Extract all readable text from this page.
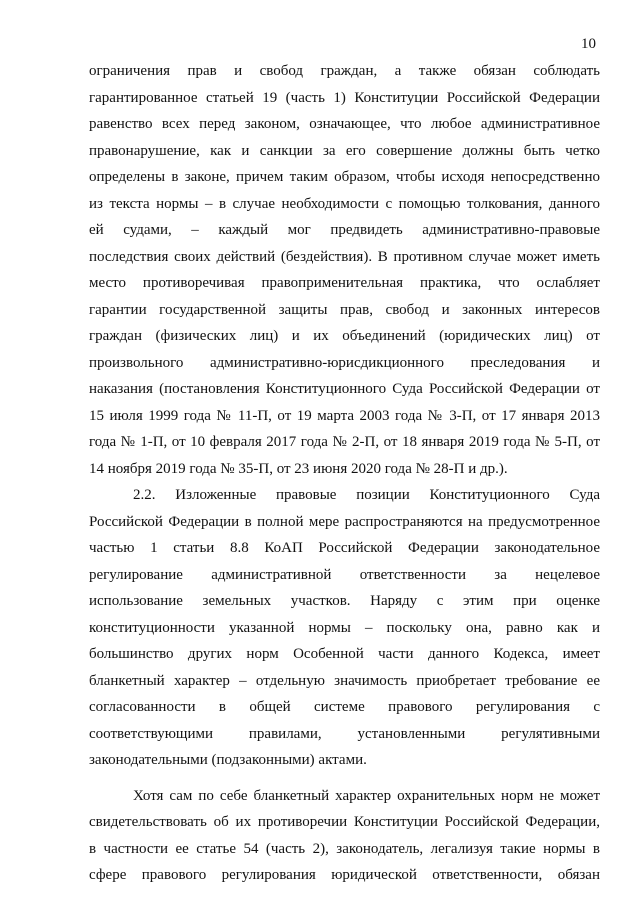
10
ограничения прав и свобод граждан, а также обязан соблюдать
гарантированное статьей 19 (часть 1) Конституции Российской Федерации
равенство всех перед законом, означающее, что любое административное
правонарушение, как и санкции за его совершение должны быть четко
определены в законе, причем таким образом, чтобы исходя непосредственно
из текста нормы – в случае необходимости с помощью толкования, данного
ей судами, – каждый мог предвидеть административно-правовые
последствия своих действий (бездействия). В противном случае может иметь
место противоречивая правоприменительная практика, что ослабляет
гарантии государственной защиты прав, свобод и законных интересов
граждан (физических лиц) и их объединений (юридических лиц) от
произвольного административно-юрисдикционного преследования и
наказания (постановления Конституционного Суда Российской Федерации от
15 июля 1999 года № 11-П, от 19 марта 2003 года № 3-П, от 17 января 2013
года № 1-П, от 10 февраля 2017 года № 2-П, от 18 января 2019 года № 5-П, от
14 ноября 2019 года № 35-П, от 23 июня 2020 года № 28-П и др.).
2.2. Изложенные правовые позиции Конституционного Суда
Российской Федерации в полной мере распространяются на предусмотренное
частью 1 статьи 8.8 КоАП Российской Федерации законодательное
регулирование административной ответственности за нецелевое
использование земельных участков. Наряду с этим при оценке
конституционности указанной нормы – поскольку она, равно как и
большинство других норм Особенной части данного Кодекса, имеет
бланкетный характер – отдельную значимость приобретает требование ее
согласованности в общей системе правового регулирования с
соответствующими правилами, установленными регулятивными
законодательными (подзаконными) актами.
Хотя сам по себе бланкетный характер охранительных норм не может
свидетельствовать об их противоречии Конституции Российской Федерации,
в частности ее статье 54 (часть 2), законодатель, легализуя такие нормы в
сфере правового регулирования юридической ответственности, обязан
